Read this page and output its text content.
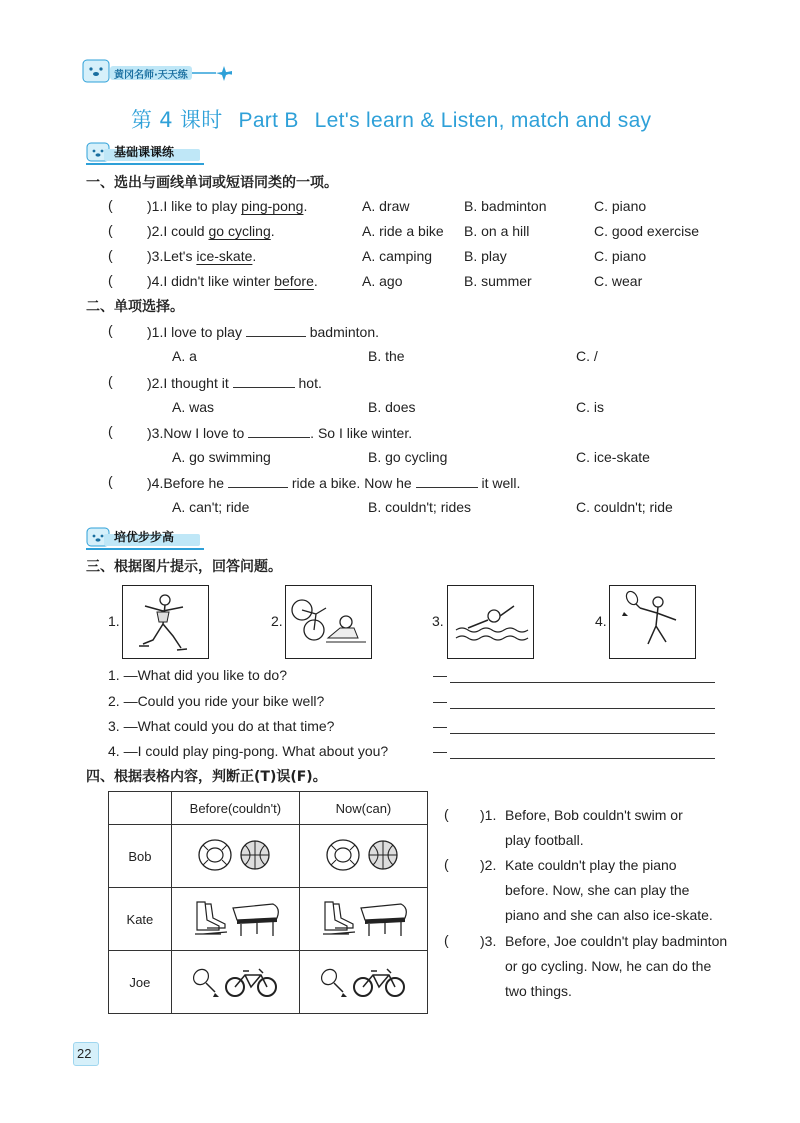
黄冈名师·天天练
第 4 课时 Part B Let's learn & Listen, match and say
基础课课练
一、选出与画线单词或短语同类的一项。
( )1.I like to play ping-pong.	A. draw	B. badminton	C. piano
( )2.I could go cycling.	A. ride a bike B. on a hill	C. good exercise
( )3.Let's ice-skate.	A. camping B. play	C. piano
( )4.I didn't like winter before.	A. ago	B. summer	C. wear
二、单项选择。
( )1.I love to play	badminton.
A. a	B. the	C. /
( )2.I thought it	hot.
A. was	B. does	C. is
( )3.Now I love to	. So I like winter.
A. go swimming	B. go cycling	C. ice-skate
( )4.Before he	ride a bike. Now he	it well.
A. can't; ride	B. couldn't; rides	C. couldn't; ride
培优步步高
三、根据图片提示，回答问题。
1.	2.	3.	4.
1. —What did you like to do?	—
2. —Could you ride your bike well?	—
3. —What could you do at that time?	—
4. —I could play ping-pong. What about you?	—
四、根据表格内容，判断正(T)误(F)。
	Before(couldn't)	Now(can)
Bob		
Kate		
Joe		
( )1. Before, Bob couldn't swim or
play football.
( )2. Kate couldn't play the piano
before. Now, she can play the
piano and she can also ice-skate.
( )3. Before, Joe couldn't play badminton
or go cycling. Now, he can do the
two things.
22
